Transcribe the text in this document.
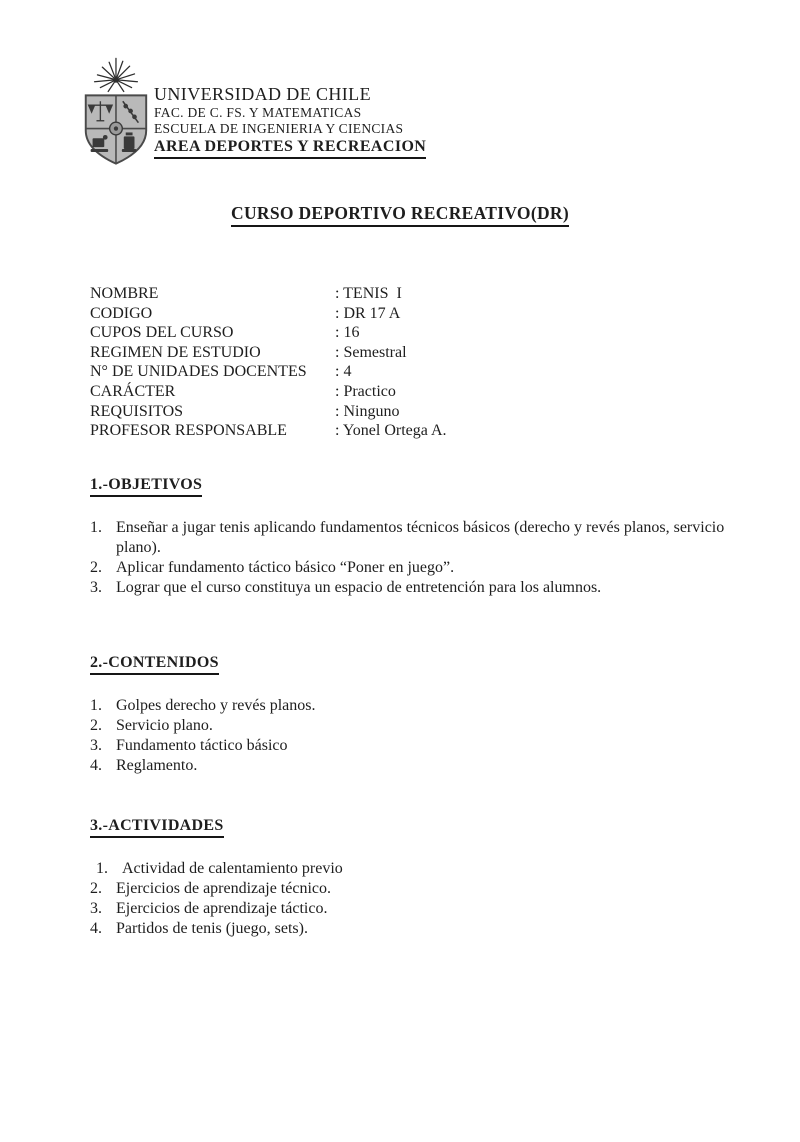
UNIVERSIDAD DE CHILE
FAC. DE C. FS. Y MATEMATICAS
ESCUELA DE INGENIERIA Y CIENCIAS
AREA DEPORTES Y RECREACION
CURSO DEPORTIVO RECREATIVO(DR)
NOMBRE	: TENIS  I
CODIGO	: DR 17 A
CUPOS DEL CURSO	: 16
REGIMEN DE ESTUDIO	: Semestral
N° DE UNIDADES DOCENTES	: 4
CARÁCTER	: Practico
REQUISITOS	: Ninguno
PROFESOR RESPONSABLE	: Yonel Ortega A.
1.-OBJETIVOS
1. Enseñar a jugar tenis aplicando fundamentos técnicos básicos (derecho y revés planos, servicio plano).
2. Aplicar fundamento táctico básico “Poner en juego”.
3. Lograr que el curso constituya un espacio de entretención para los alumnos.
2.-CONTENIDOS
1. Golpes derecho y revés planos.
2. Servicio plano.
3. Fundamento táctico básico
4. Reglamento.
3.-ACTIVIDADES
1. Actividad de calentamiento previo
2. Ejercicios de aprendizaje técnico.
3. Ejercicios de aprendizaje táctico.
4. Partidos de tenis (juego, sets).
